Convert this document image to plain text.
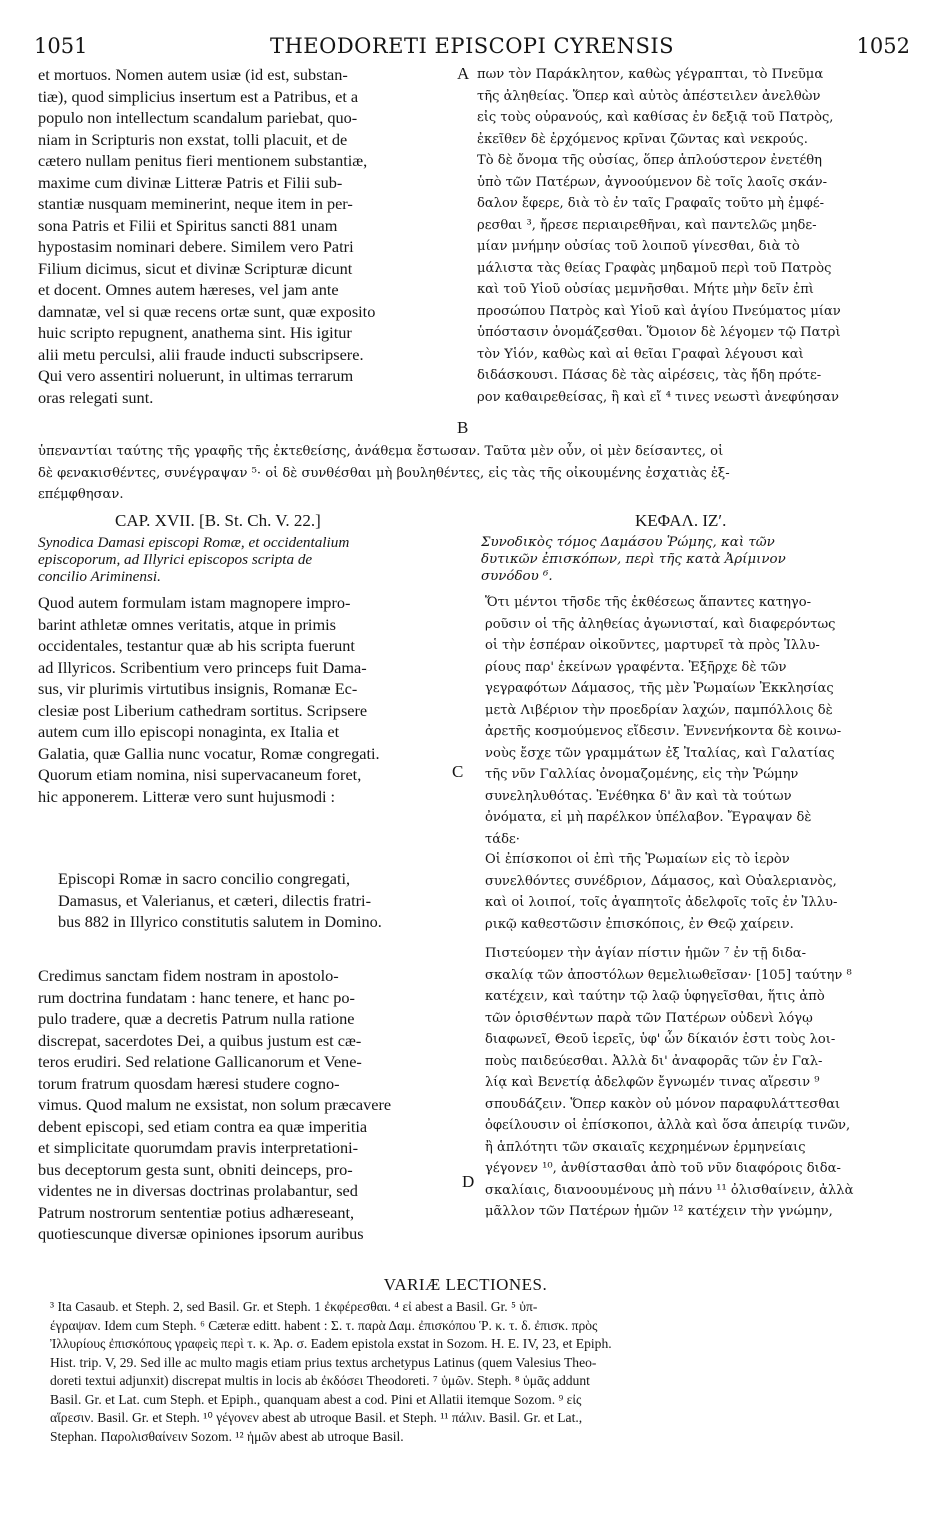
1051	THEODORETI EPISCOPI CYRENSIS	1052
et mortuos. Nomen autem usiæ (id est, substan-
tiæ), quod simplicius insertum est a Patribus, et a
populo non intellectum scandalum pariebat, quo-
niam in Scripturis non exstat, tolli placuit, et de
cætero nullam penitus fieri mentionem substantiæ,
maxime cum divinæ Litteræ Patris et Filii sub-
stantiæ nusquam meminerint, neque item in per-
sona Patris et Filii et Spiritus sancti 881 unam
hypostasim nominari debere. Similem vero Patri
Filium dicimus, sicut et divinæ Scripturæ dicunt
et docent. Omnes autem hæreses, vel jam ante
damnatæ, vel si quæ recens ortæ sunt, quæ exposito
huic scripto repugnent, anathema sint. His igitur
alii metu perculsi, alii fraude inducti subscripsere.
Qui vero assentiri noluerunt, in ultimas terrarum
oras relegati sunt.
πων τὸν Παράκλητον, καθὼς γέγραπται, τὸ Πνεῦμα
τῆς ἀληθείας. Ὅπερ καὶ αὐτὸς ἀπέστειλεν ἀνελθὼν
εἰς τοὺς οὐρανούς, καὶ καθίσας ἐν δεξιᾷ τοῦ Πατρὸς,
ἐκεῖθεν δὲ ἐρχόμενος κρῖναι ζῶντας καὶ νεκρούς.
Τὸ δὲ ὄνομα τῆς οὐσίας, ὅπερ ἁπλούστερον ἐνετέθη
ὑπὸ τῶν Πατέρων, ἀγνοούμενον δὲ τοῖς λαοῖς σκάν-
δαλον ἔφερε, διὰ τὸ ἐν ταῖς Γραφαῖς τοῦτο μὴ ἐμφέ-
ρεσθαι ³, ἤρεσε περιαιρεθῆναι, καὶ παντελῶς μηδε-
μίαν μνήμην οὐσίας τοῦ λοιποῦ γίνεσθαι, διὰ τὸ
μάλιστα τὰς θείας Γραφὰς μηδαμοῦ περὶ τοῦ Πατρὸς
καὶ τοῦ Υἱοῦ οὐσίας μεμνῆσθαι. Μήτε μὴν δεῖν ἐπὶ
προσώπου Πατρὸς καὶ Υἱοῦ καὶ ἁγίου Πνεύματος μίαν
ὑπόστασιν ὀνομάζεσθαι. Ὅμοιον δὲ λέγομεν τῷ Πατρὶ
τὸν Υἱόν, καθὼς καὶ αἱ θεῖαι Γραφαὶ λέγουσι καὶ
διδάσκουσι. Πάσας δὲ τὰς αἱρέσεις, τὰς ἤδη πρότε-
ρον καθαιρεθείσας, ἢ καὶ εἴ ⁴ τινες νεωστὶ ἀνεφύησαν
A
B
C
D
ὑπεναντίαι ταύτης τῆς γραφῆς τῆς ἐκτεθείσης, ἀνάθεμα ἔστωσαν. Ταῦτα μὲν οὖν, οἱ μὲν δείσαντες, οἱ
δὲ φενακισθέντες, συνέγραψαν ⁵· οἱ δὲ συνθέσθαι μὴ βουληθέντες, εἰς τὰς τῆς οἰκουμένης ἐσχατιὰς ἐξ-
επέμφθησαν.
CAP. XVII. [B. St. Ch. V. 22.]	ΚΕΦΑΛ. ΙΖʹ.
Synodica Damasi episcopi Romæ, et occidentalium
episcoporum, ad Illyrici episcopos scripta de
concilio Ariminensi.
Συνοδικὸς τόμος Δαμάσου Ῥώμης, καὶ τῶν
δυτικῶν ἐπισκόπων, περὶ τῆς κατὰ Ἀρίμινον
συνόδου ⁶.
Quod autem formulam istam magnopere impro-
barint athletæ omnes veritatis, atque in primis
occidentales, testantur quæ ab his scripta fuerunt
ad Illyricos. Scribentium vero princeps fuit Dama-
sus, vir plurimis virtutibus insignis, Romanæ Ec-
clesiæ post Liberium cathedram sortitus. Scripsere
autem cum illo episcopi nonaginta, ex Italia et
Galatia, quæ Gallia nunc vocatur, Romæ congregati.
Quorum etiam nomina, nisi supervacaneum foret,
hic apponerem. Litteræ vero sunt hujusmodi :
Ὅτι μέντοι τῆσδε τῆς ἐκθέσεως ἅπαντες κατηγο-
ροῦσιν οἱ τῆς ἀληθείας ἀγωνισταί, καὶ διαφερόντως
οἱ τὴν ἑσπέραν οἰκοῦντες, μαρτυρεῖ τὰ πρὸς Ἰλλυ-
ρίους παρ' ἐκείνων γραφέντα. Ἐξῆρχε δὲ τῶν
γεγραφότων Δάμασος, τῆς μὲν Ῥωμαίων Ἐκκλησίας
μετὰ Λιβέριον τὴν προεδρίαν λαχών, παμπόλλοις δὲ
ἀρετῆς κοσμούμενος εἴδεσιν. Ἐννενήκοντα δὲ κοινω-
νοὺς ἔσχε τῶν γραμμάτων ἐξ Ἰταλίας, καὶ Γαλατίας
τῆς νῦν Γαλλίας ὀνομαζομένης, εἰς τὴν Ῥώμην
συνεληλυθότας. Ἐνέθηκα δ' ἂν καὶ τὰ τούτων
ὀνόματα, εἰ μὴ παρέλκον ὑπέλαβον. Ἔγραψαν δὲ
τάδε·
Episcopi Romæ in sacro concilio congregati,
Damasus, et Valerianus, et cæteri, dilectis fratri-
bus 882 in Illyrico constitutis salutem in Domino.
Οἱ ἐπίσκοποι οἱ ἐπὶ τῆς Ῥωμαίων εἰς τὸ ἱερὸν
συνελθόντες συνέδριον, Δάμασος, καὶ Οὐαλεριανὸς,
καὶ οἱ λοιποί, τοῖς ἀγαπητοῖς ἀδελφοῖς τοῖς ἐν Ἰλλυ-
ρικῷ καθεστῶσιν ἐπισκόποις, ἐν Θεῷ χαίρειν.
Credimus sanctam fidem nostram in apostolo-
rum doctrina fundatam : hanc tenere, et hanc po-
pulo tradere, quæ a decretis Patrum nulla ratione
discrepat, sacerdotes Dei, a quibus justum est cæ-
teros erudiri. Sed relatione Gallicanorum et Vene-
torum fratrum quosdam hæresi studere cogno-
vimus. Quod malum ne exsistat, non solum præcavere
debent episcopi, sed etiam contra ea quæ imperitia
et simplicitate quorumdam pravis interpretationi-
bus deceptorum gesta sunt, obniti deinceps, pro-
videntes ne in diversas doctrinas prolabantur, sed
Patrum nostrorum sententiæ potius adhæreseant,
quotiescunque diversæ opiniones ipsorum auribus
Πιστεύομεν τὴν ἁγίαν πίστιν ἡμῶν ⁷ ἐν τῇ διδα-
σκαλίᾳ τῶν ἀποστόλων θεμελιωθεῖσαν· [105] ταύτην ⁸
κατέχειν, καὶ ταύτην τῷ λαῷ ὑφηγεῖσθαι, ἥτις ἀπὸ
τῶν ὁρισθέντων παρὰ τῶν Πατέρων οὐδενὶ λόγῳ
διαφωνεῖ, Θεοῦ ἱερεῖς, ὑφ' ὧν δίκαιόν ἐστι τοὺς λοι-
ποὺς παιδεύεσθαι. Ἀλλὰ δι' ἀναφορᾶς τῶν ἐν Γαλ-
λίᾳ καὶ Βενετίᾳ ἀδελφῶν ἔγνωμέν τινας αἵρεσιν ⁹
σπουδάζειν. Ὅπερ κακὸν οὐ μόνον παραφυλάττεσθαι
ὀφείλουσιν οἱ ἐπίσκοποι, ἀλλὰ καὶ ὅσα ἀπειρίᾳ τινῶν,
ἢ ἁπλότητι τῶν σκαιαῖς κεχρημένων ἑρμηνείαις
γέγονεν ¹⁰, ἀνθίστασθαι ἀπὸ τοῦ νῦν διαφόροις διδα-
σκαλίαις, διανοουμένους μὴ πάνυ ¹¹ ὀλισθαίνειν, ἀλλὰ
μᾶλλον τῶν Πατέρων ἡμῶν ¹² κατέχειν τὴν γνώμην,
VARIÆ LECTIONES.
³ Ita Casaub. et Steph. 2, sed Basil. Gr. et Steph. 1 ἐκφέρεσθαι. ⁴ εἰ abest a Basil. Gr. ⁵ ὑπ-
έγραψαν. Idem cum Steph. ⁶ Cæteræ editt. habent : Σ. τ. παρὰ Δαμ. ἐπισκόπου Ῥ. κ. τ. δ. ἐπισκ. πρὸς
Ἰλλυρίους ἐπισκόπους γραφεὶς περὶ τ. κ. Ἀρ. σ. Eadem epistola exstat in Sozom. H. E. IV, 23, et Epiph.
Hist. trip. V, 29. Sed ille ac multo magis etiam prius textus archetypus Latinus (quem Valesius Theo-
doreti textui adjunxit) discrepat multis in locis ab ἐκδόσει Theodoreti. ⁷ ὑμῶν. Steph. ⁸ ὑμᾶς addunt
Basil. Gr. et Lat. cum Steph. et Epiph., quanquam abest a cod. Pini et Allatii itemque Sozom. ⁹ εἰς
αἵρεσιν. Basil. Gr. et Steph. ¹⁰ γέγονεν abest ab utroque Basil. et Steph. ¹¹ πάλιν. Basil. Gr. et Lat.,
Stephan. Παρολισθαίνειν Sozom. ¹² ἡμῶν abest ab utroque Basil.
